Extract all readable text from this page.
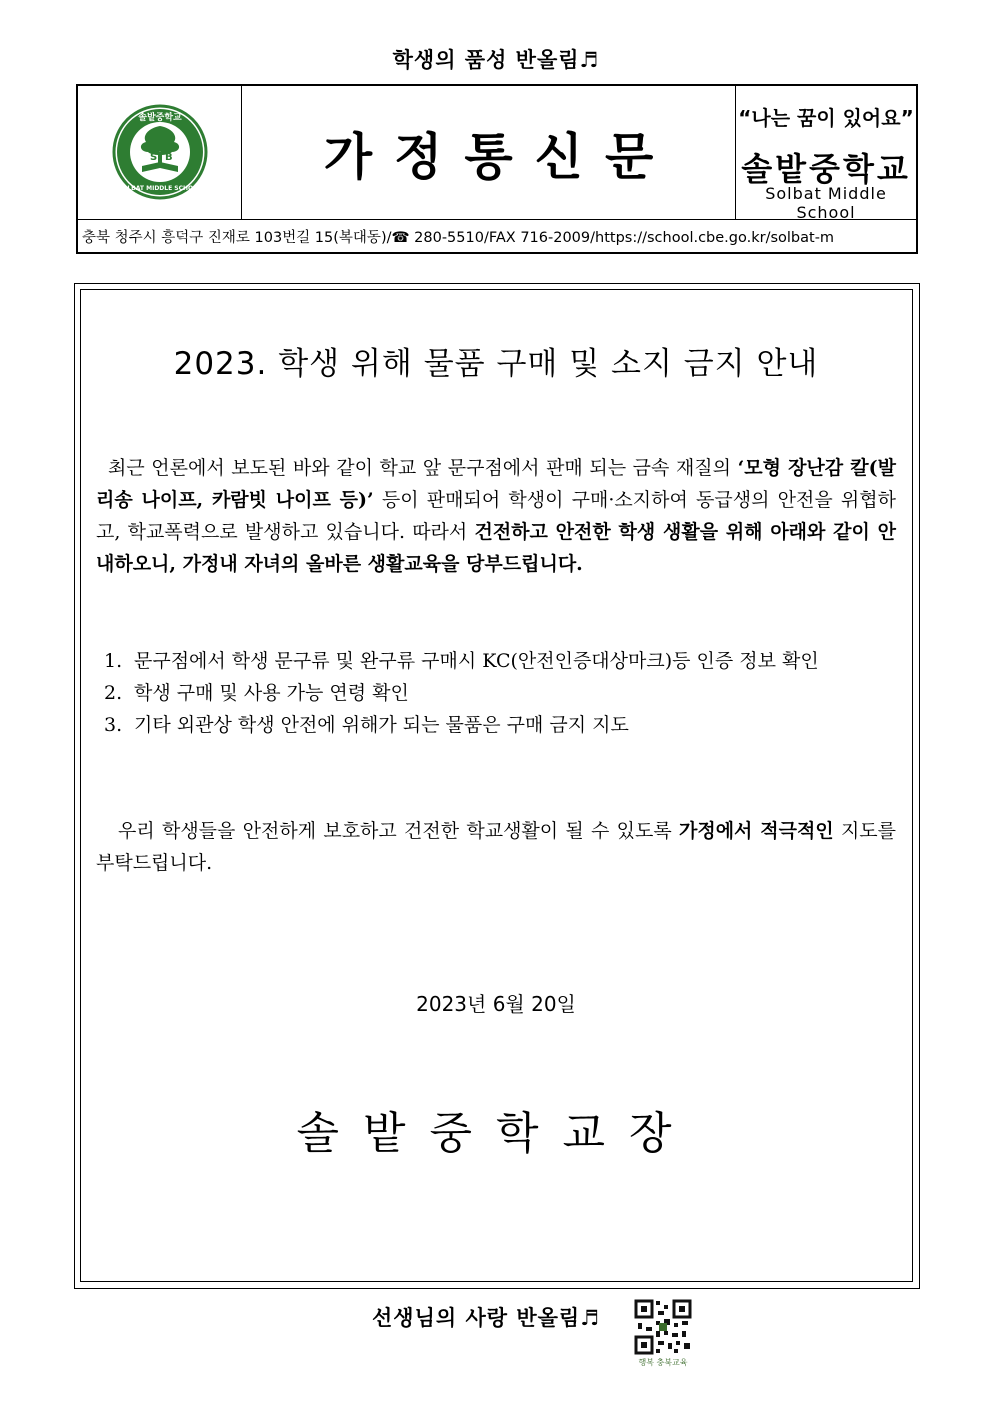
학생의 품성 반올림♬
S B
솔밭중학교
SOLBAT MIDDLE SCHOOL
S B	가정통신문
“나는 꿈이 있어요”
솔밭중학교
Solbat Middle School
충북 청주시 흥덕구 진재로 103번길 15(복대동)/☎ 280-5510/FAX 716-2009/https://school.cbe.go.kr/solbat-m
2023. 학생 위해 물품 구매 및 소지 금지 안내
최근 언론에서 보도된 바와 같이 학교 앞 문구점에서 판매 되는 금속 재질의 ‘모형 장난감 칼(발리송 나이프, 카람빗 나이프 등)’ 등이 판매되어 학생이 구매·소지하여 동급생의 안전을 위협하고, 학교폭력으로 발생하고 있습니다. 따라서 건전하고 안전한 학생 생활을 위해 아래와 같이 안내하오니, 가정내 자녀의 올바른 생활교육을 당부드립니다.
1. 문구점에서 학생 문구류 및 완구류 구매시 KC(안전인증대상마크)등 인증 정보 확인
2. 학생 구매 및 사용 가능 연령 확인
3. 기타 외관상 학생 안전에 위해가 되는 물품은 구매 금지 지도
우리 학생들을 안전하게 보호하고 건전한 학교생활이 될 수 있도록 가정에서 적극적인 지도를 부탁드립니다.
2023년 6월 20일
솔밭중학교장
선생님의 사랑 반올림♬
행복 충북교육
